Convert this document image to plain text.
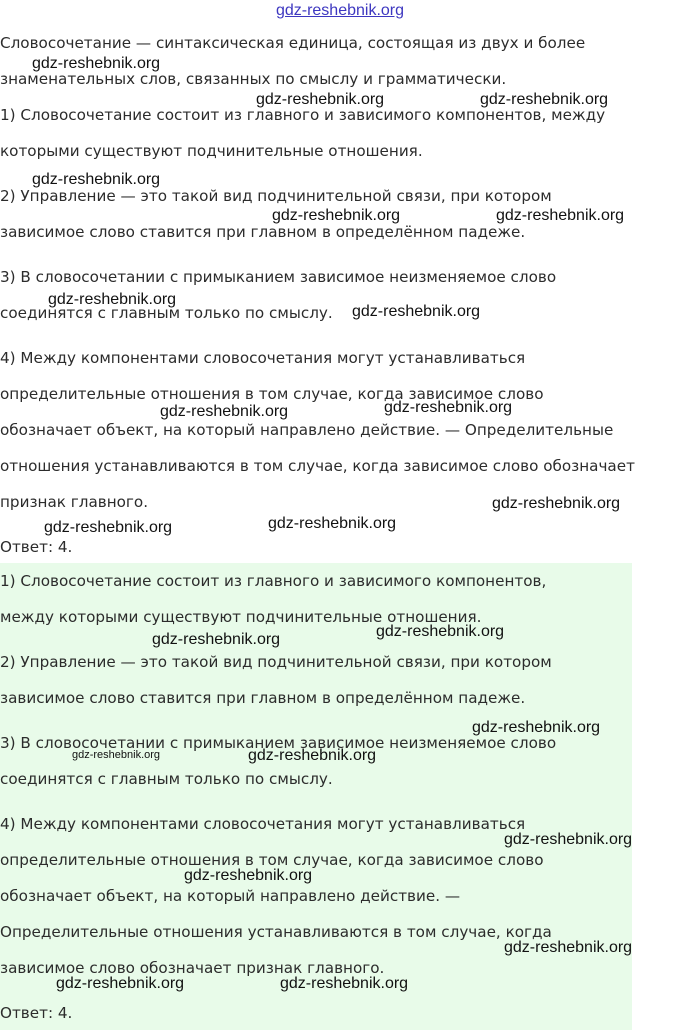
gdz-reshebnik.org

Словосочетание — синтаксическая единица, состоящая из двух и более

знаменательных слов, связанных по смыслу и грамматически.

1) Словосочетание состоит из главного и зависимого компонентов, между

которыми существуют подчинительные отношения.

2) Управление — это такой вид подчинительной связи, при котором

зависимое слово ставится при главном в определённом падеже.

3) В словосочетании с примыканием зависимое неизменяемое слово

соединятся с главным только по смыслу.

4) Между компонентами словосочетания могут устанавливаться

определительные отношения в том случае, когда зависимое слово

обозначает объект, на который направлено действие. — Определительные

отношения устанавливаются в том случае, когда зависимое слово обозначает

признак главного.

Ответ: 4.

1) Словосочетание состоит из главного и зависимого компонентов,

между которыми существуют подчинительные отношения.

2) Управление — это такой вид подчинительной связи, при котором

зависимое слово ставится при главном в определённом падеже.

3) В словосочетании с примыканием зависимое неизменяемое слово

соединятся с главным только по смыслу.

4) Между компонентами словосочетания могут устанавливаться

определительные отношения в том случае, когда зависимое слово

обозначает объект, на который направлено действие. —

Определительные отношения устанавливаются в том случае, когда

зависимое слово обозначает признак главного.

Ответ: 4.

gdz-reshebnik.org
gdz-reshebnik.org	gdz-reshebnik.org
gdz-reshebnik.org
gdz-reshebnik.org	gdz-reshebnik.org
gdz-reshebnik.org
gdz-reshebnik.org
gdz-reshebnik.org	gdz-reshebnik.org
gdz-reshebnik.org
gdz-reshebnik.org	gdz-reshebnik.org
gdz-reshebnik.org
gdz-reshebnik.org
gdz-reshebnik.org
gdz-reshebnik.org	gdz-reshebnik.org
gdz-reshebnik.org
gdz-reshebnik.org
gdz-reshebnik.org
gdz-reshebnik.org	gdz-reshebnik.org
